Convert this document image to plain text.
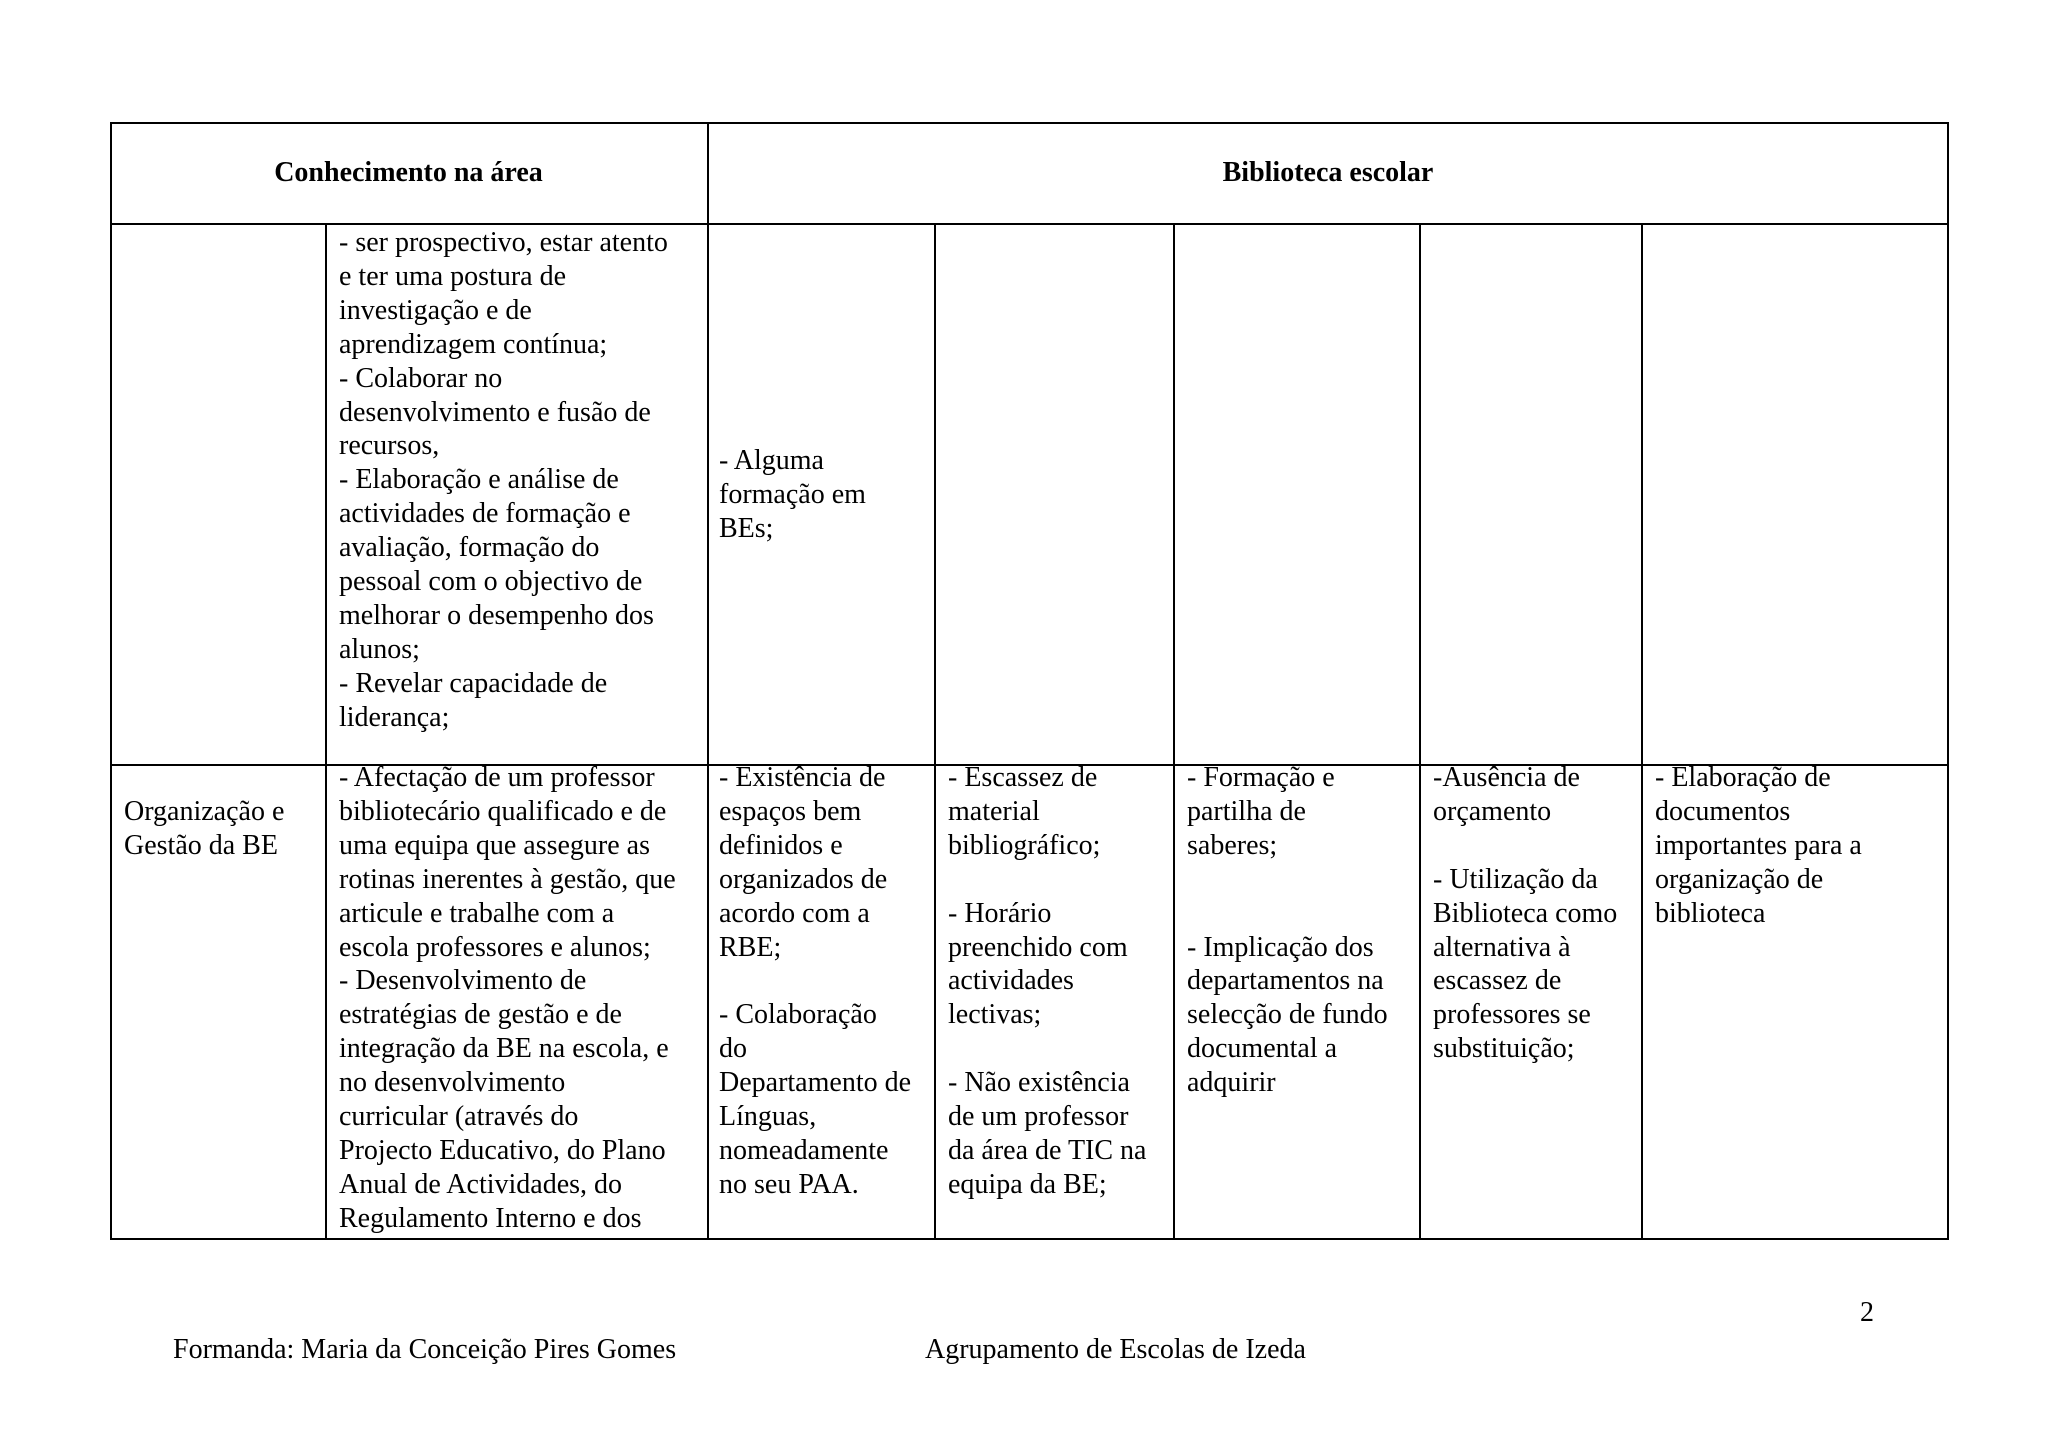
Conhecimento na área	Biblioteca escolar
- ser prospectivo, estar atento
e ter uma postura de
investigação e de
aprendizagem contínua;
- Colaborar no
desenvolvimento e fusão de
recursos,
- Elaboração e análise de
actividades de formação e
avaliação, formação do
pessoal com o objectivo de
melhorar o desempenho dos
alunos;
- Revelar capacidade de
liderança;
- Alguma
formação em
BEs;
Organização e
Gestão da BE
- Afectação de um professor
bibliotecário qualificado e de
uma equipa que assegure as
rotinas inerentes à gestão, que
articule e trabalhe com a
escola professores e alunos;
- Desenvolvimento de
estratégias de gestão e de
integração da BE na escola, e
no desenvolvimento
curricular (através do
Projecto Educativo, do Plano
Anual de Actividades, do
Regulamento Interno e dos
- Existência de
espaços bem
definidos e
organizados de
acordo com a
RBE;

- Colaboração
do
Departamento de
Línguas,
nomeadamente
no seu PAA.
- Escassez de
material
bibliográfico;

- Horário
preenchido com
actividades
lectivas;

- Não existência
de um professor
da área de TIC na
equipa da BE;
- Formação e
partilha de
saberes;

- Implicação dos
departamentos na
selecção de fundo
documental a
adquirir
-Ausência de
orçamento

- Utilização da
Biblioteca como
alternativa à
escassez de
professores se
substituição;
- Elaboração de
documentos
importantes para a
organização de
biblioteca
2
Formanda: Maria da Conceição Pires Gomes	Agrupamento de Escolas de Izeda
